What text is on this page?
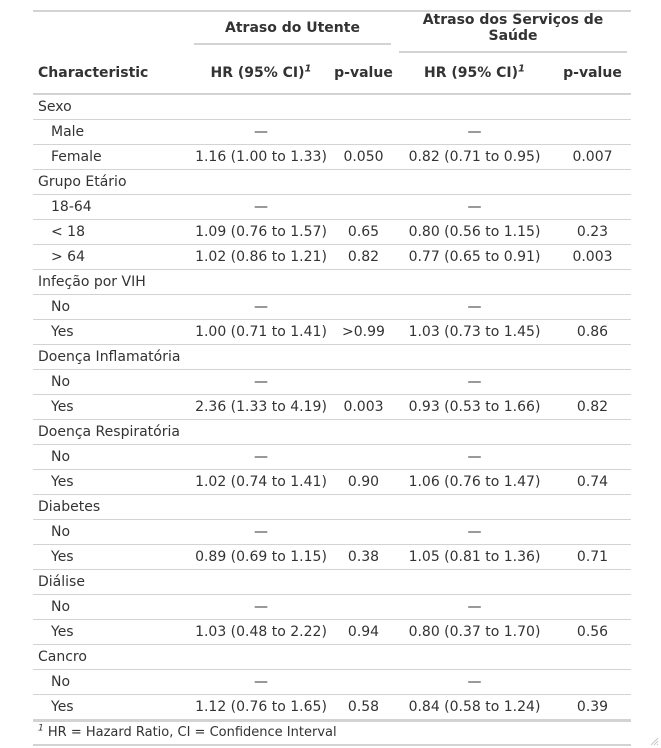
	Atraso do Utente		Atraso dos Serviços de Saúde	

Characteristic	HR (95% CI)$^1$	p-value	HR (95% CI)$^1$	p-value
Sexo				
Male	—		—	
Female	1.16 (1.00 to 1.33)	0.050	0.82 (0.71 to 0.95)	0.007
Grupo Etário				
18-64	—		—	
< 18	1.09 (0.76 to 1.57)	0.65	0.80 (0.56 to 1.15)	0.23
> 64	1.02 (0.86 to 1.21)	0.82	0.77 (0.65 to 0.91)	0.003
Infeção por VIH				
No	—		—	
Yes	1.00 (0.71 to 1.41)	>0.99	1.03 (0.73 to 1.45)	0.86
Doença Inflamatória				
No	—		—	
Yes	2.36 (1.33 to 4.19)	0.003	0.93 (0.53 to 1.66)	0.82
Doença Respiratória				
No	—		—	
Yes	1.02 (0.74 to 1.41)	0.90	1.06 (0.76 to 1.47)	0.74
Diabetes				
No	—		—	
Yes	0.89 (0.69 to 1.15)	0.38	1.05 (0.81 to 1.36)	0.71
Diálise				
No	—		—	
Yes	1.03 (0.48 to 2.22)	0.94	0.80 (0.37 to 1.70)	0.56
Cancro				
No	—		—	
Yes	1.12 (0.76 to 1.65)	0.58	0.84 (0.58 to 1.24)	0.39
$^1$ HR = Hazard Ratio, CI = Confidence Interval
